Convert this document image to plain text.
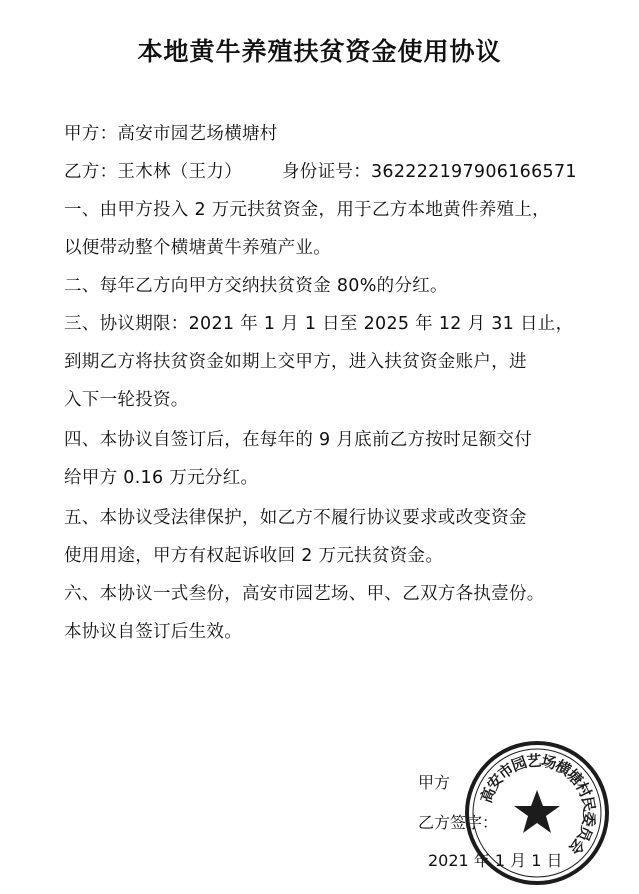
本地黄牛养殖扶贫资金使用协议
甲方：高安市园艺场横塘村
乙方：王木林（王力） 身份证号：362222197906166571
一、由甲方投入 2 万元扶贫资金，用于乙方本地黄件养殖上，
以便带动整个横塘黄牛养殖产业。
二、每年乙方向甲方交纳扶贫资金 80%的分红。
三、协议期限：2021 年 1 月 1 日至 2025 年 12 月 31 日止，
到期乙方将扶贫资金如期上交甲方，进入扶贫资金账户，进
入下一轮投资。
四、本协议自签订后，在每年的 9 月底前乙方按时足额交付
给甲方 0.16 万元分红。
五、本协议受法律保护，如乙方不履行协议要求或改变资金
使用用途，甲方有权起诉收回 2 万元扶贫资金。
六、本协议一式叁份，高安市园艺场、甲、乙双方各执壹份。
本协议自签订后生效。
甲方
乙方签字：
2021 年 1 月 1 日
高
安
市
园
艺
场
横
塘
村
民
委
员
会
